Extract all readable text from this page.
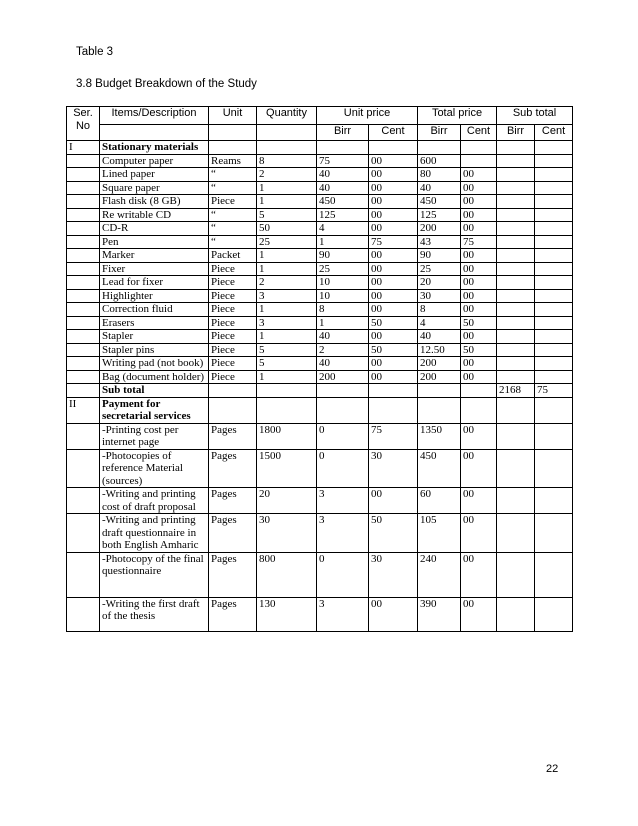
Table 3
3.8 Budget Breakdown of the Study
Ser. No	Items/Description	Unit	Quantity	Unit price		Total price		Sub total	
				Birr	Cent	Birr	Cent	Birr	Cent
I	Stationary materials								
	Computer paper	Reams	8	75	00	600			
	Lined paper	“	2	40	00	80	00		
	Square paper	“	1	40	00	40	00		
	Flash disk (8 GB)	Piece	1	450	00	450	00		
	Re writable CD	“	5	125	00	125	00		
	CD-R	“	50	4	00	200	00		
	Pen	“	25	1	75	43	75		
	Marker	Packet	1	90	00	90	00		
	Fixer	Piece	1	25	00	25	00		
	Lead for fixer	Piece	2	10	00	20	00		
	Highlighter	Piece	3	10	00	30	00		
	Correction fluid	Piece	1	8	00	8	00		
	Erasers	Piece	3	1	50	4	50		
	Stapler	Piece	1	40	00	40	00		
	Stapler pins	Piece	5	2	50	12.50	50		
	Writing pad (not book)	Piece	5	40	00	200	00		
	Bag (document holder)	Piece	1	200	00	200	00		
	Sub total							2168	75
II	Payment for secretarial services								
	-Printing cost per internet page	Pages	1800	0	75	1350	00		
	-Photocopies of reference Material (sources)	Pages	1500	0	30	450	00		
	-Writing and printing cost of draft proposal	Pages	20	3	00	60	00		
	-Writing and printing draft questionnaire in both English Amharic	Pages	30	3	50	105	00		
	-Photocopy of the final questionnaire	Pages	800	0	30	240	00		
	-Writing the first draft of the thesis	Pages	130	3	00	390	00		
22
